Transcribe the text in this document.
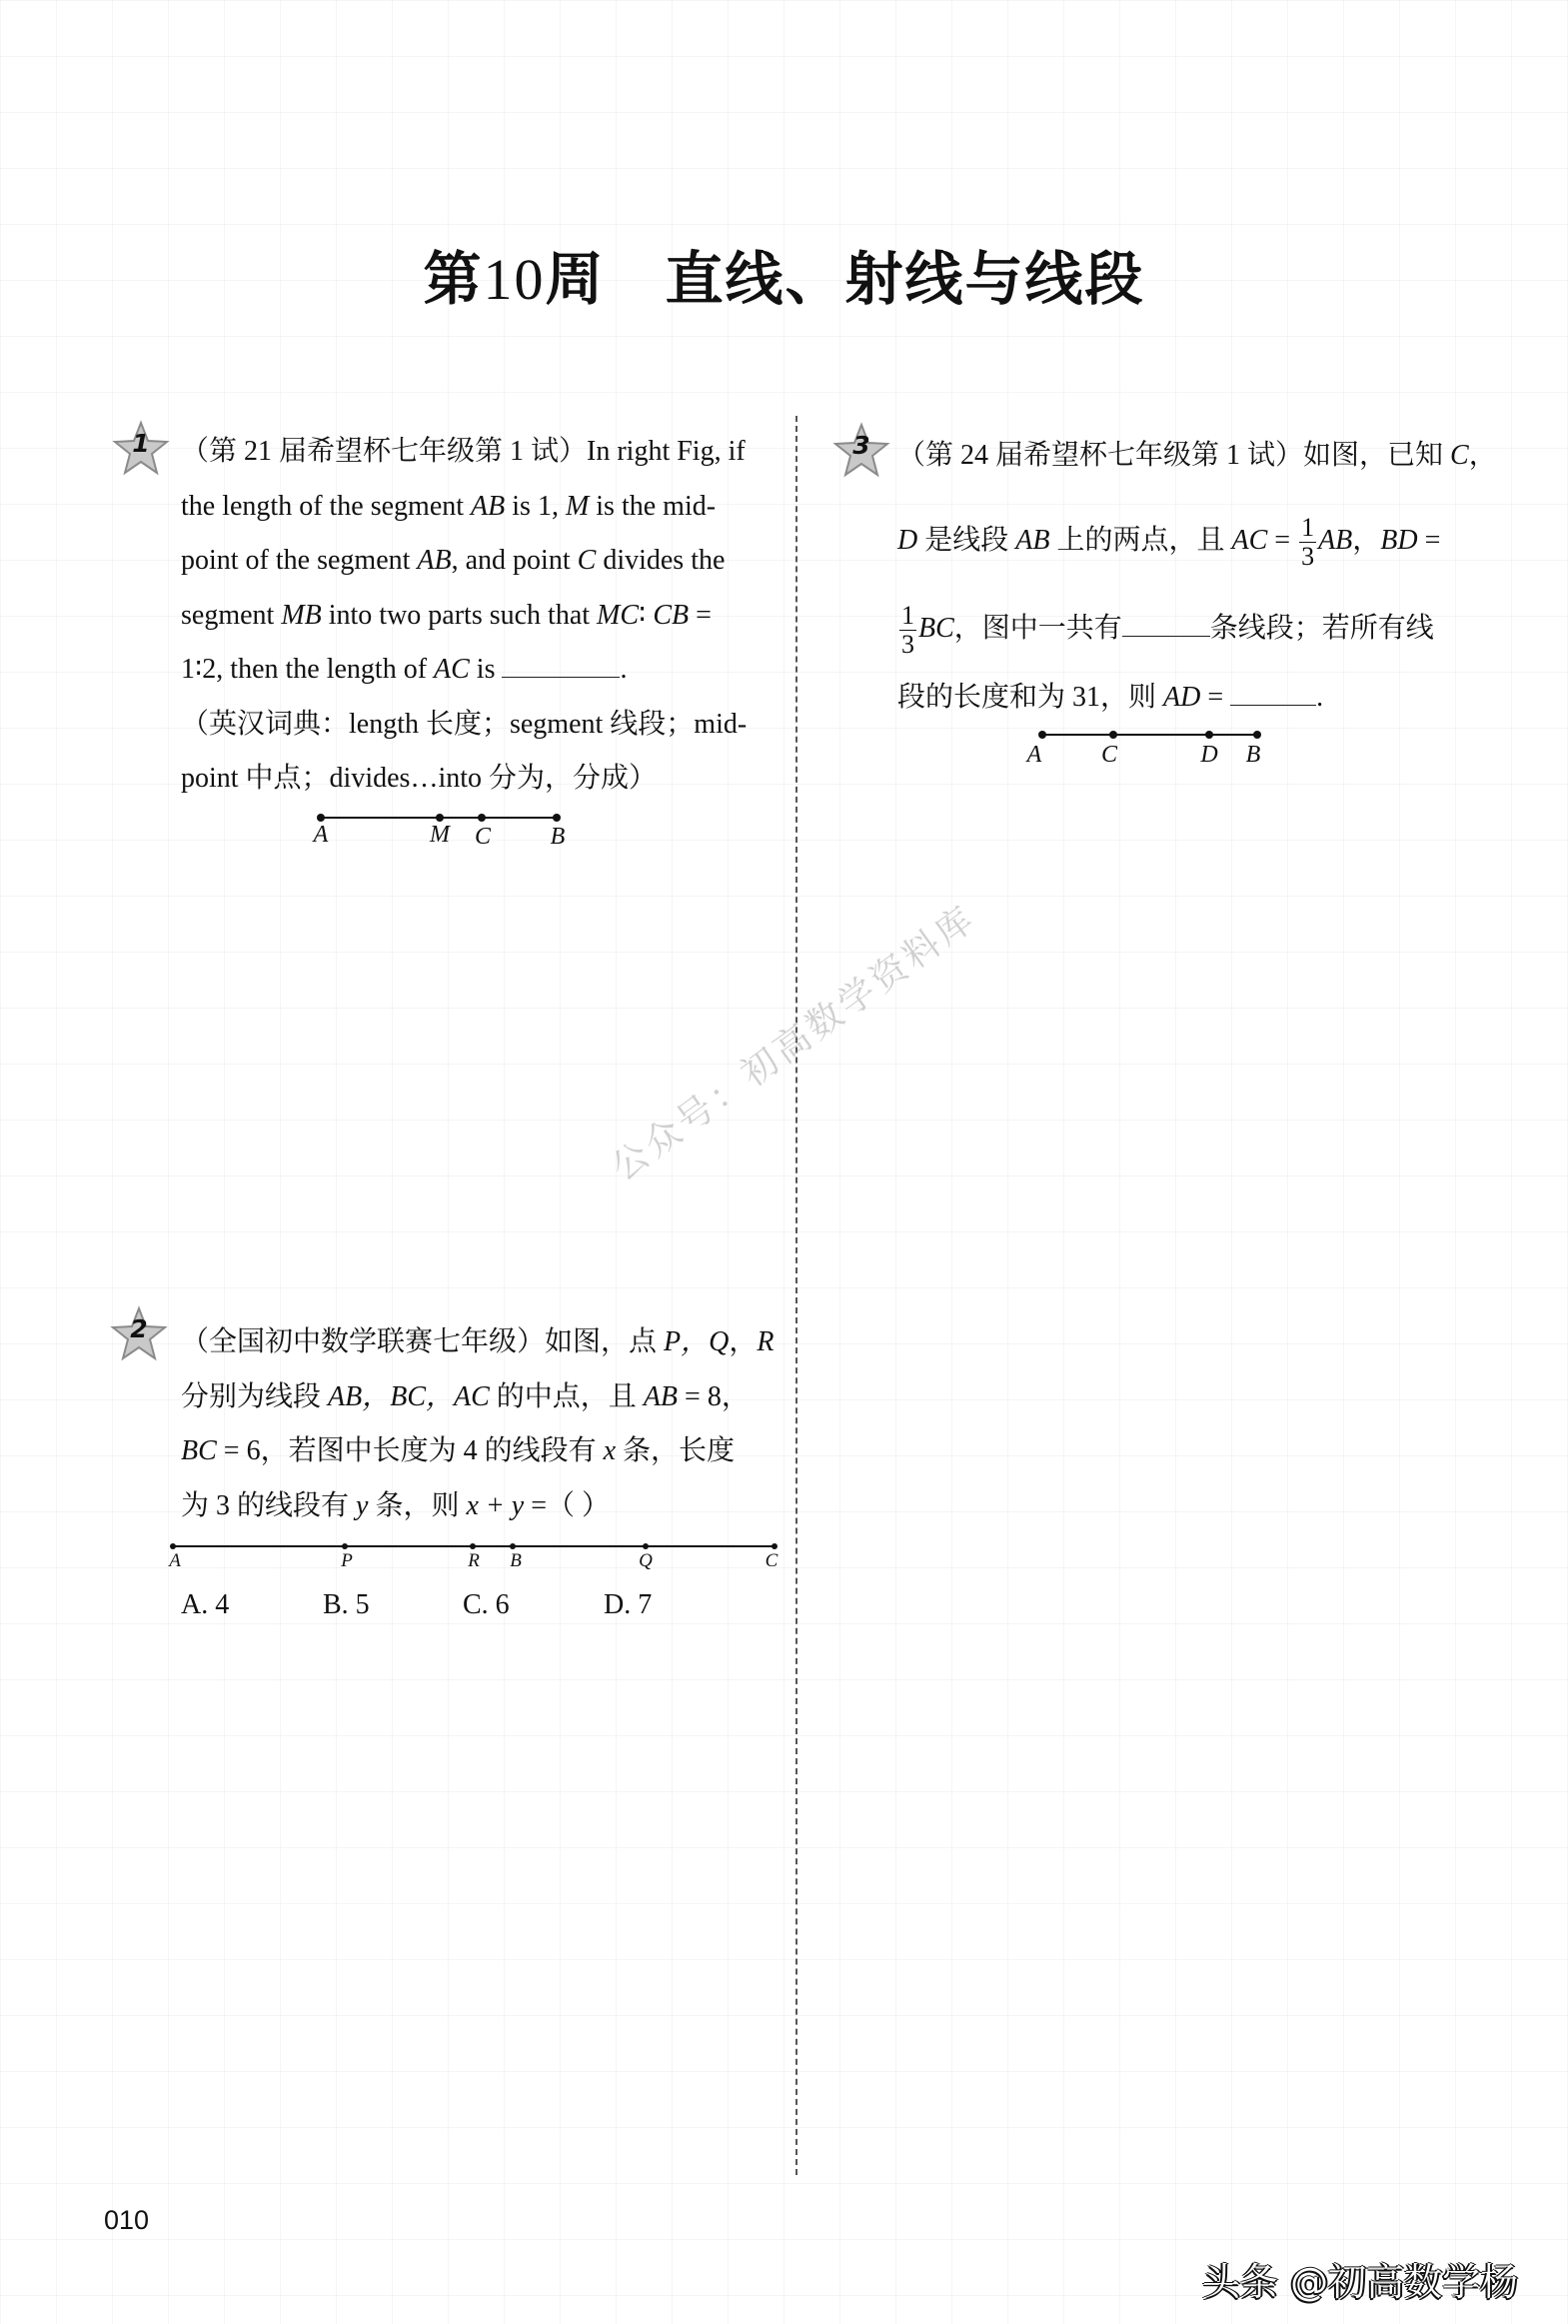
第10周 直线、射线与线段
1	（第 21 届希望杯七年级第 1 试）In right Fig, if
the length of the segment AB is 1, M is the mid-
point of the segment AB, and point C divides the
segment MB into two parts such that MC∶ CB =
1∶2, then the length of AC is	.
（英汉词典：length 长度；segment 线段；mid-
point 中点；divides…into 分为，分成）
A	M C B
3 （第 24 届希望杯七年级第 1 试）如图，已知 C，
D 是线段 AB 上的两点，且 AC = $\frac{1}{3}$ AB，BD =
$\frac{1}{3}$ BC，图中一共有	条线段；若所有线
段的长度和为 31，则 AD =	.
A C	D B
公众号：初高数学资料库
2	（全国初中数学联赛七年级）如图，点 P，Q，R
分别为线段 AB，BC，AC 的中点，且 AB = 8，
BC = 6，若图中长度为 4 的线段有 x 条，长度
为 3 的线段有 y 条，则 x + y =（ ）
A	P	R B	Q	C
A. 4	B. 5	C. 6	D. 7
010
头条 @初高数学杨
